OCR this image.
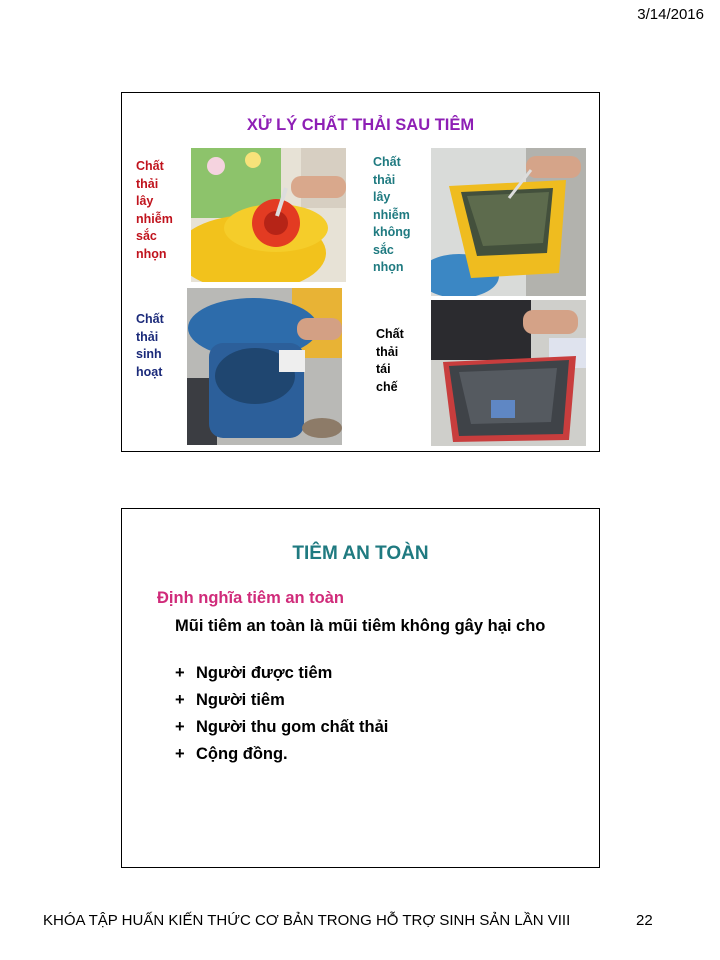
3/14/2016
XỬ LÝ CHẤT THẢI SAU TIÊM
Chất
thải
lây
nhiễm
sắc
nhọn
Chất
thải
lây
nhiễm
không
sắc
nhọn
Chất
thải
sinh
hoạt
Chất
thải
tái
chế
TIÊM AN TOÀN
Định nghĩa tiêm an toàn
Mũi tiêm an toàn là mũi tiêm không gây hại cho
+ Người được tiêm
+ Người tiêm
+ Người thu gom chất thải
+ Cộng đồng.
KHÓA TẬP HUẤN KIẾN THỨC CƠ BẢN TRONG HỖ TRỢ SINH SẢN LẦN VIII	22
